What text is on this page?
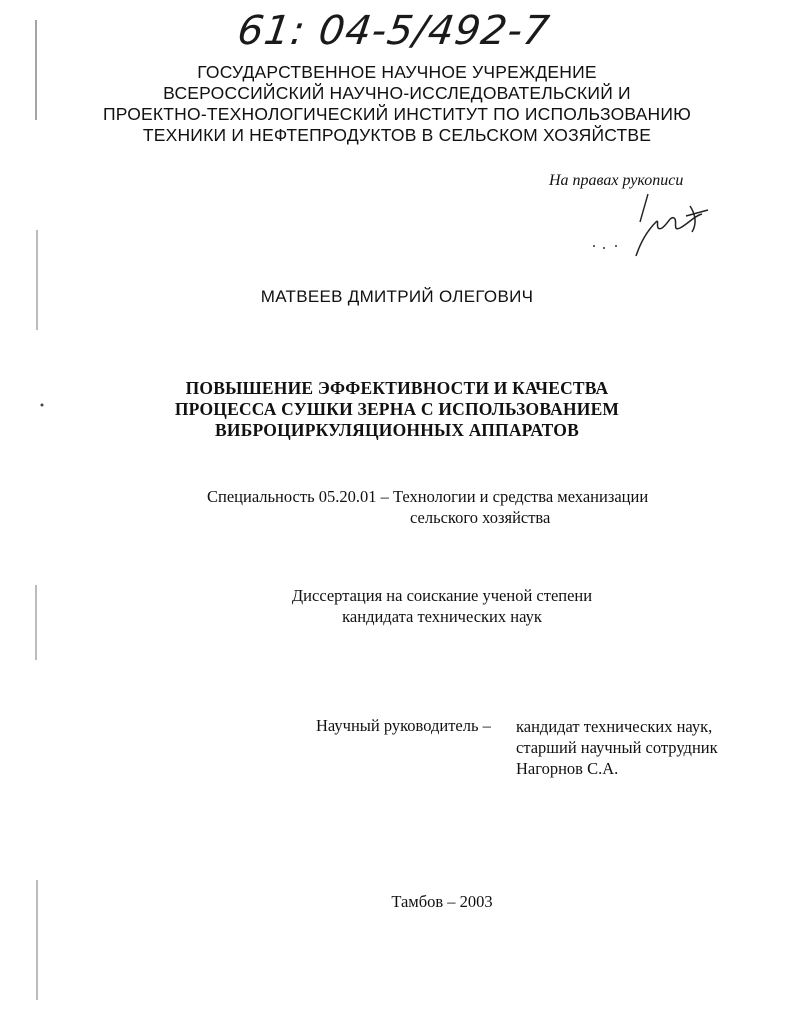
61: 04-5/492-7
ГОСУДАРСТВЕННОЕ НАУЧНОЕ УЧРЕЖДЕНИЕ
ВСЕРОССИЙСКИЙ НАУЧНО-ИССЛЕДОВАТЕЛЬСКИЙ И
ПРОЕКТНО-ТЕХНОЛОГИЧЕСКИЙ ИНСТИТУТ ПО ИСПОЛЬЗОВАНИЮ
ТЕХНИКИ И НЕФТЕПРОДУКТОВ В СЕЛЬСКОМ ХОЗЯЙСТВЕ
На правах рукописи
МАТВЕЕВ ДМИТРИЙ ОЛЕГОВИЧ
ПОВЫШЕНИЕ ЭФФЕКТИВНОСТИ И КАЧЕСТВА
ПРОЦЕССА СУШКИ ЗЕРНА С ИСПОЛЬЗОВАНИЕМ
ВИБРОЦИРКУЛЯЦИОННЫХ АППАРАТОВ
Специальность 05.20.01 – Технологии и средства механизации
сельского хозяйства
Диссертация на соискание ученой степени
кандидата технических наук
Научный руководитель – кандидат технических наук,
старший научный сотрудник
Нагорнов С.А.
Тамбов – 2003
